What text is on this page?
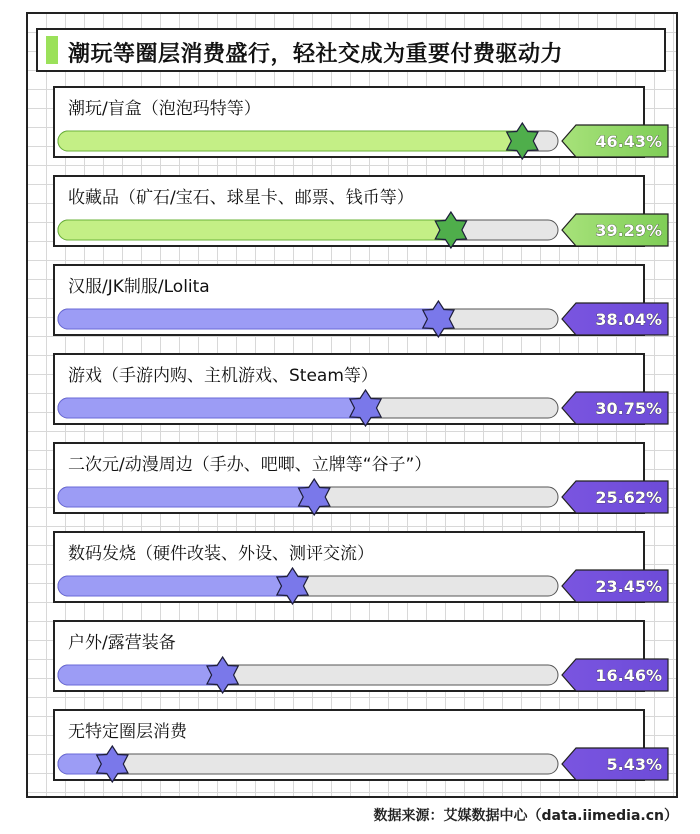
潮玩等圈层消费盛行，轻社交成为重要付费驱动力
潮玩/盲盒（泡泡玛特等）
46.43%
收藏品（矿石/宝石、球星卡、邮票、钱币等）
39.29%
汉服/JK制服/Lolita
38.04%
游戏（手游内购、主机游戏、Steam等）
30.75%
二次元/动漫周边（手办、吧唧、立牌等“谷子”）
25.62%
数码发烧（硬件改装、外设、测评交流）
23.45%
户外/露营装备
16.46%
无特定圈层消费
5.43%
数据来源：艾媒数据中心（data.iimedia.cn）
